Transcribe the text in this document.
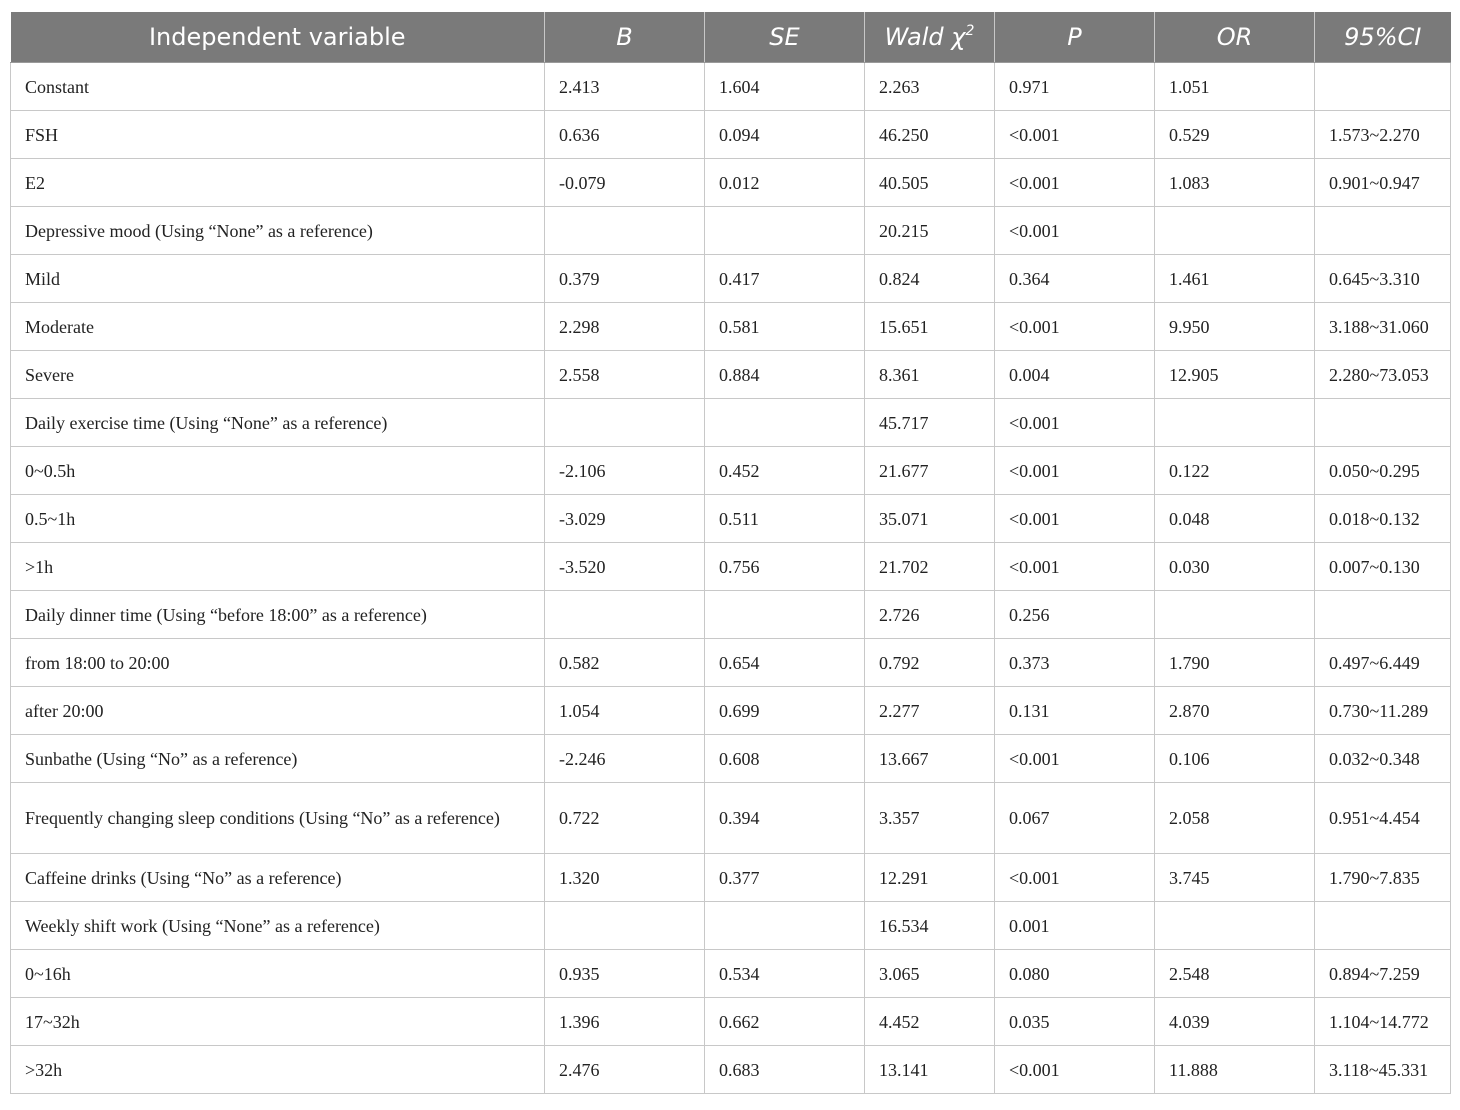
Independent variable	B	SE	Wald $\chi^2$	P	OR	95%CI
Constant	2.413	1.604	2.263	0.971	1.051	
FSH	0.636	0.094	46.250	<0.001	0.529	1.573~2.270
E2	-0.079	0.012	40.505	<0.001	1.083	0.901~0.947
Depressive mood (Using “None” as a reference)			20.215	<0.001		
Mild	0.379	0.417	0.824	0.364	1.461	0.645~3.310
Moderate	2.298	0.581	15.651	<0.001	9.950	3.188~31.060
Severe	2.558	0.884	8.361	0.004	12.905	2.280~73.053
Daily exercise time (Using “None” as a reference)			45.717	<0.001		
0~0.5h	-2.106	0.452	21.677	<0.001	0.122	0.050~0.295
0.5~1h	-3.029	0.511	35.071	<0.001	0.048	0.018~0.132
>1h	-3.520	0.756	21.702	<0.001	0.030	0.007~0.130
Daily dinner time (Using “before 18:00” as a reference)			2.726	0.256		
from 18:00 to 20:00	0.582	0.654	0.792	0.373	1.790	0.497~6.449
after 20:00	1.054	0.699	2.277	0.131	2.870	0.730~11.289
Sunbathe (Using “No” as a reference)	-2.246	0.608	13.667	<0.001	0.106	0.032~0.348
Frequently changing sleep conditions (Using “No” as a reference)	0.722	0.394	3.357	0.067	2.058	0.951~4.454
Caffeine drinks (Using “No” as a reference)	1.320	0.377	12.291	<0.001	3.745	1.790~7.835
Weekly shift work (Using “None” as a reference)			16.534	0.001		
0~16h	0.935	0.534	3.065	0.080	2.548	0.894~7.259
17~32h	1.396	0.662	4.452	0.035	4.039	1.104~14.772
>32h	2.476	0.683	13.141	<0.001	11.888	3.118~45.331
